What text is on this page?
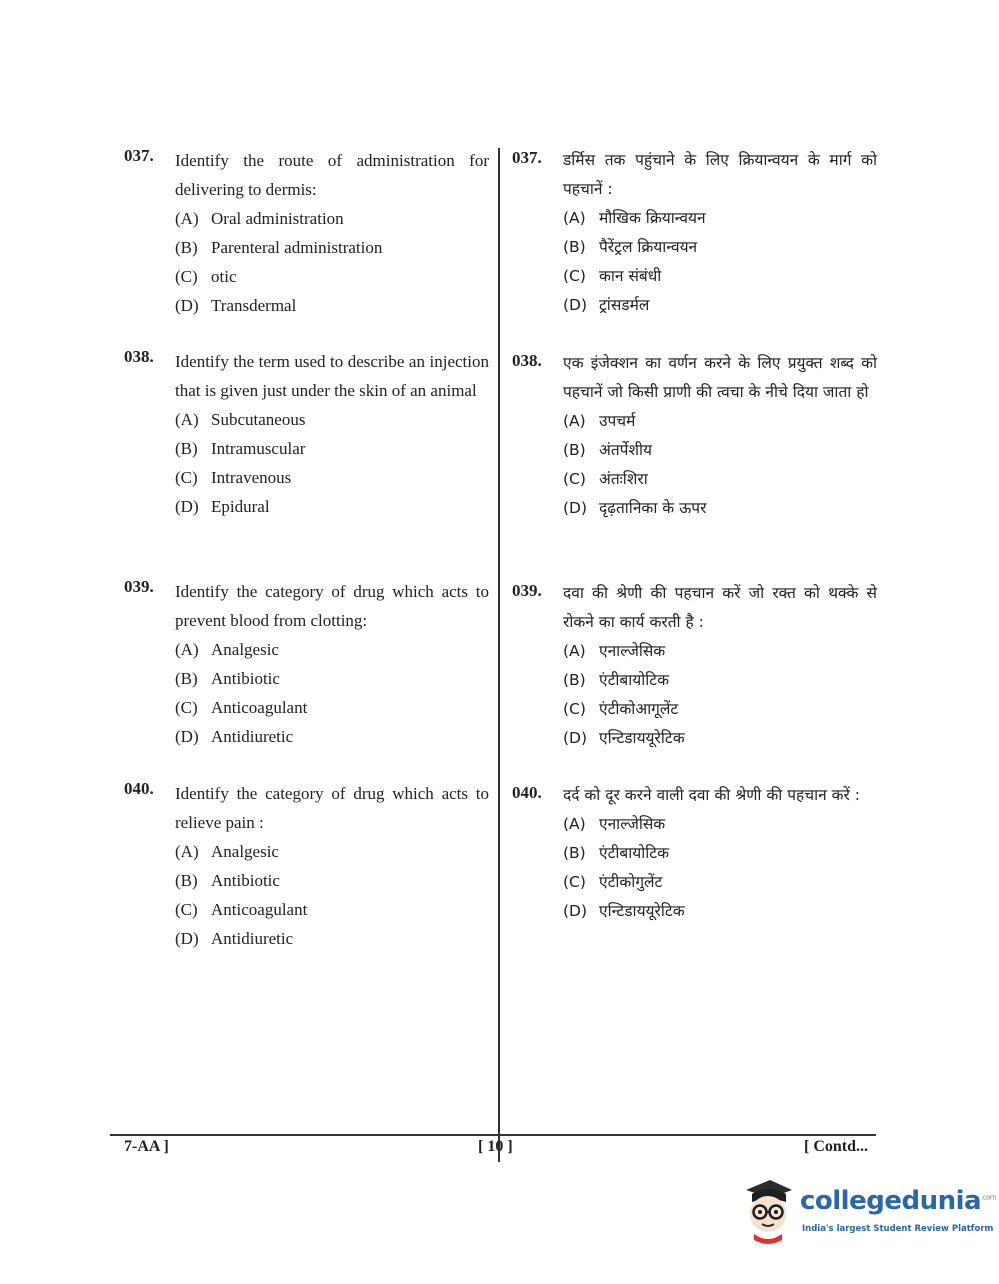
037. Identify the route of administration for delivering to dermis:
(A) Oral administration
(B) Parenteral administration
(C) otic
(D) Transdermal
038. Identify the term used to describe an injection that is given just under the skin of an animal
(A) Subcutaneous
(B) Intramuscular
(C) Intravenous
(D) Epidural
039. Identify the category of drug which acts to prevent blood from clotting:
(A) Analgesic
(B) Antibiotic
(C) Anticoagulant
(D) Antidiuretic
040. Identify the category of drug which acts to relieve pain :
(A) Analgesic
(B) Antibiotic
(C) Anticoagulant
(D) Antidiuretic
037. डर्मिस तक पहुंचाने के लिए क्रियान्वयन के मार्ग को पहचानें :
(A) मौखिक क्रियान्वयन
(B) पैरेंट्रल क्रियान्वयन
(C) कान संबंधी
(D) ट्रांसडर्मल
038. एक इंजेक्शन का वर्णन करने के लिए प्रयुक्त शब्द को पहचानें जो किसी प्राणी की त्वचा के नीचे दिया जाता हो
(A) उपचर्म
(B) अंतर्पेशीय
(C) अंतःशिरा
(D) दृढ़तानिका के ऊपर
039. दवा की श्रेणी की पहचान करें जो रक्त को थक्के से रोकने का कार्य करती है :
(A) एनाल्जेसिक
(B) एंटीबायोटिक
(C) एंटीकोआगूलेंट
(D) एन्टिडाययूरेटिक
040. दर्द को दूर करने वाली दवा की श्रेणी की पहचान करें :
(A) एनाल्जेसिक
(B) एंटीबायोटिक
(C) एंटीकोगुलेंट
(D) एन्टिडाययूरेटिक
7-AA ]	[ 10 ]	[ Contd...
collegedunia$^{.com}$
India's largest Student Review Platform
